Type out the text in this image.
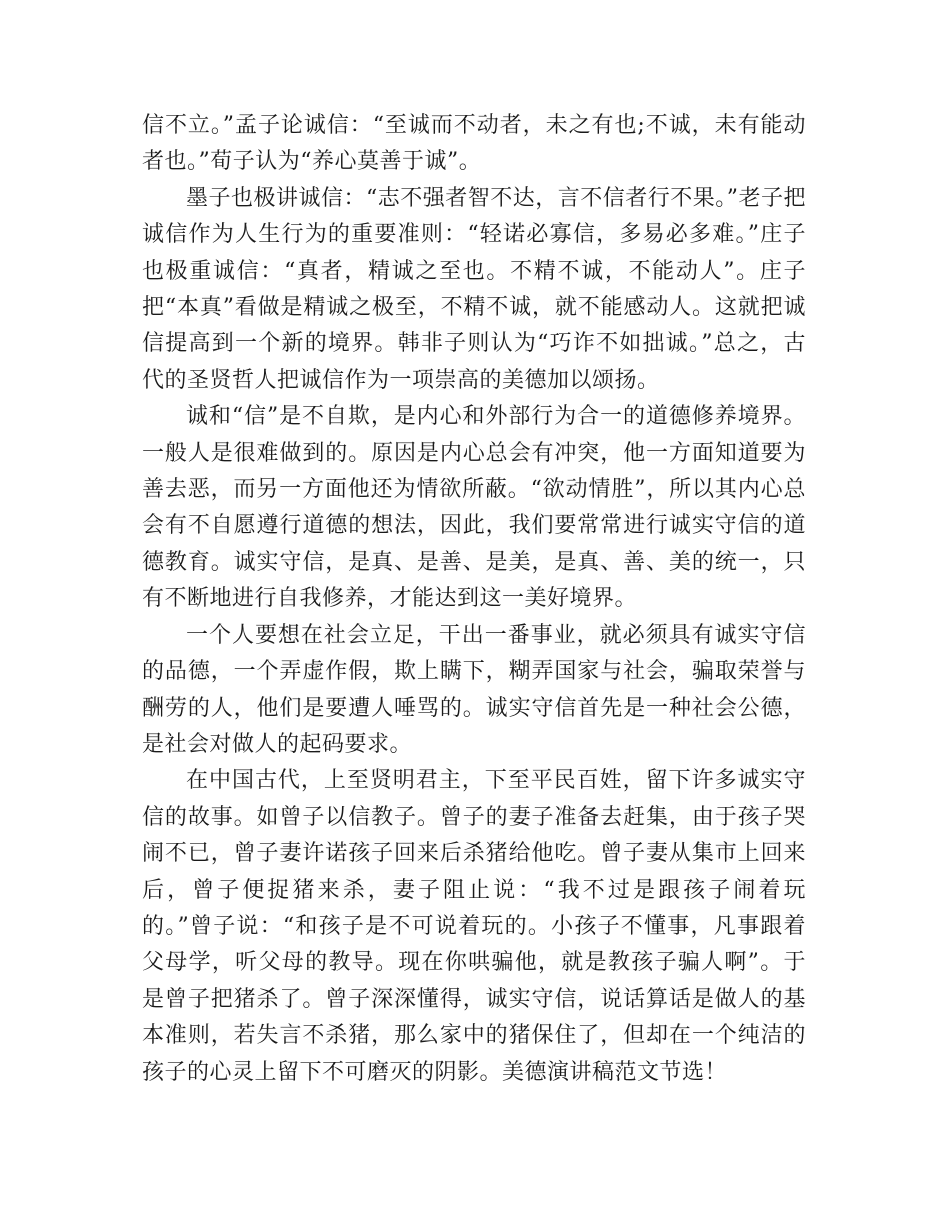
信不立。”孟子论诚信：“至诚而不动者，未之有也;不诚，未有能动者也。”荀子认为“养心莫善于诚”。

墨子也极讲诚信：“志不强者智不达，言不信者行不果。”老子把诚信作为人生行为的重要准则：“轻诺必寡信，多易必多难。”庄子也极重诚信：“真者，精诚之至也。不精不诚，不能动人”。庄子把“本真”看做是精诚之极至，不精不诚，就不能感动人。这就把诚信提高到一个新的境界。韩非子则认为“巧诈不如拙诚。”总之，古代的圣贤哲人把诚信作为一项崇高的美德加以颂扬。

诚和“信”是不自欺，是内心和外部行为合一的道德修养境界。一般人是很难做到的。原因是内心总会有冲突，他一方面知道要为善去恶，而另一方面他还为情欲所蔽。“欲动情胜”，所以其内心总会有不自愿遵行道德的想法，因此，我们要常常进行诚实守信的道德教育。诚实守信，是真、是善、是美，是真、善、美的统一，只有不断地进行自我修养，才能达到这一美好境界。

一个人要想在社会立足，干出一番事业，就必须具有诚实守信的品德，一个弄虚作假，欺上瞒下，糊弄国家与社会，骗取荣誉与酬劳的人，他们是要遭人唾骂的。诚实守信首先是一种社会公德，是社会对做人的起码要求。

在中国古代，上至贤明君主，下至平民百姓，留下许多诚实守信的故事。如曾子以信教子。曾子的妻子准备去赶集，由于孩子哭闹不已，曾子妻许诺孩子回来后杀猪给他吃。曾子妻从集市上回来后，曾子便捉猪来杀，妻子阻止说：“我不过是跟孩子闹着玩的。”曾子说：“和孩子是不可说着玩的。小孩子不懂事，凡事跟着父母学，听父母的教导。现在你哄骗他，就是教孩子骗人啊”。于是曾子把猪杀了。曾子深深懂得，诚实守信，说话算话是做人的基本准则，若失言不杀猪，那么家中的猪保住了，但却在一个纯洁的孩子的心灵上留下不可磨灭的阴影。美德演讲稿范文节选！
